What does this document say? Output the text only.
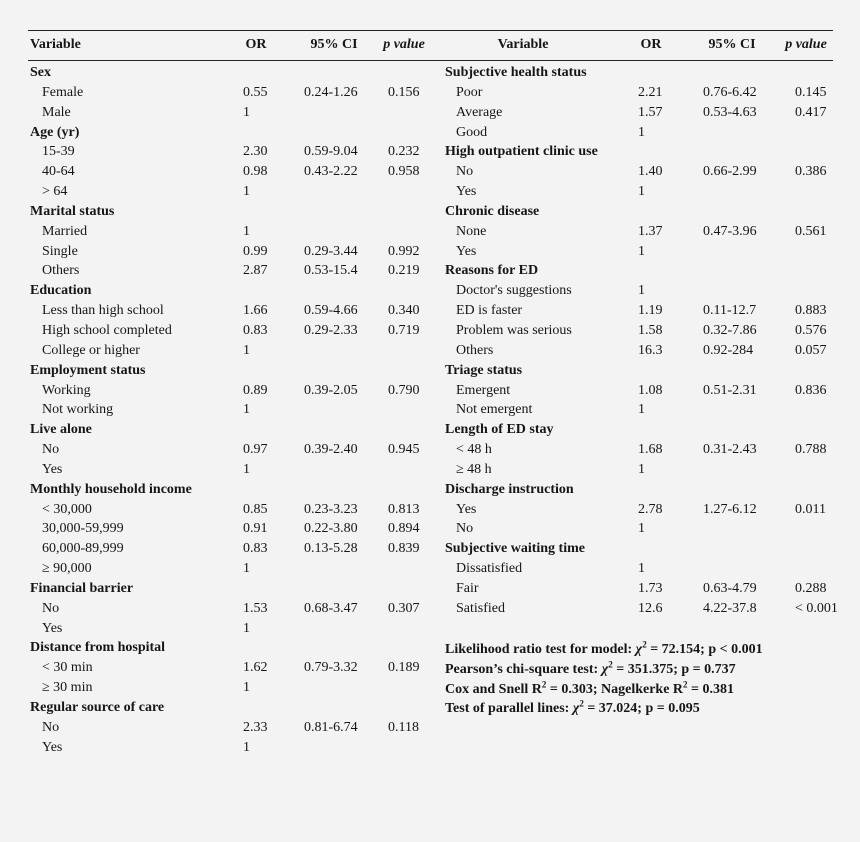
Variable	OR	95% CI p value	Variable	OR	95% CI p value
Sex
Female	0.55	0.24-1.26 0.156
Male	1
Age (yr)
15-39	2.30	0.59-9.04 0.232
40-64	0.98	0.43-2.22 0.958
> 64	1
Marital status
Married	1
Single	0.99	0.29-3.44 0.992
Others	2.87	0.53-15.4 0.219
Education
Less than high school	1.66	0.59-4.66 0.340
High school completed	0.83	0.29-2.33 0.719
College or higher	1
Employment status
Working	0.89	0.39-2.05 0.790
Not working	1
Live alone
No	0.97	0.39-2.40 0.945
Yes	1
Monthly household income
< 30,000	0.85	0.23-3.23 0.813
30,000-59,999	0.91	0.22-3.80 0.894
60,000-89,999	0.83	0.13-5.28 0.839
≥ 90,000	1
Financial barrier
No	1.53	0.68-3.47 0.307
Yes	1
Distance from hospital
< 30 min	1.62	0.79-3.32 0.189
≥ 30 min	1
Regular source of care
No	2.33	0.81-6.74 0.118
Yes	1
Subjective health status
Poor	2.21	0.76-6.42	0.145
Average	1.57	0.53-4.63	0.417
Good	1
High outpatient clinic use
No	1.40	0.66-2.99	0.386
Yes	1
Chronic disease
None	1.37	0.47-3.96	0.561
Yes	1
Reasons for ED
Doctor's suggestions	1
ED is faster	1.19	0.11-12.7	0.883
Problem was serious	1.58	0.32-7.86	0.576
Others	16.3	0.92-284	0.057
Triage status
Emergent	1.08	0.51-2.31	0.836
Not emergent	1
Length of ED stay
< 48 h	1.68	0.31-2.43	0.788
≥ 48 h	1
Discharge instruction
Yes	2.78	1.27-6.12	0.011
No	1
Subjective waiting time
Dissatisfied	1
Fair	1.73	0.63-4.79	0.288
Satisfied	12.6	4.22-37.8	< 0.001
Likelihood ratio test for model: $\chi^2 = 72.154$; p < 0.001
Pearson’s chi-square test: $\chi^2 = 351.375$; p = 0.737
Cox and Snell $R^2 = 0.303$; Nagelkerke $R^2 = 0.381$
Test of parallel lines: $\chi^2 = 37.024$; p = 0.095
